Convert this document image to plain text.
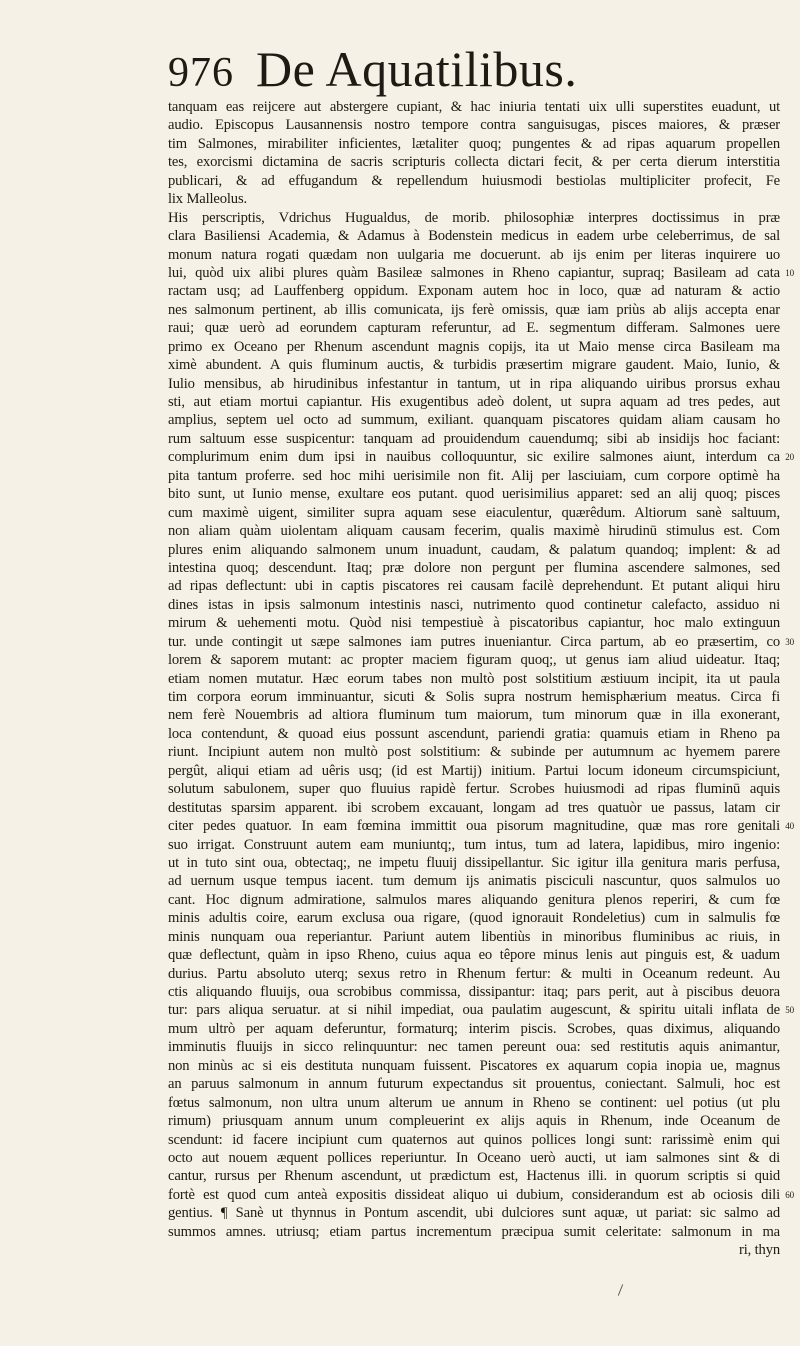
976 De Aquatilibus.
tanquam eas reijcere aut abstergere cupiant, & hac iniuria tentati uix ulli superstites euadunt, ut
audio. Episcopus Lausannensis nostro tempore contra sanguisugas, pisces maiores, & præser
tim Salmones, mirabiliter inficientes, lætaliter quoq; pungentes & ad ripas aquarum propellen
tes, exorcismi dictamina de sacris scripturis collecta dictari fecit, & per certa dierum interstitia
publicari, & ad effugandum & repellendum huiusmodi bestiolas multipliciter profecit, Fe
lix Malleolus.
His perscriptis, Vdrichus Hugualdus, de morib. philosophiæ interpres doctissimus in præ
clara Basiliensi Academia, & Adamus à Bodenstein medicus in eadem urbe celeberrimus, de sal
monum natura rogati quædam non uulgaria me docuerunt. ab ijs enim per literas inquirere uo
lui, quòd uix alibi plures quàm Basileæ salmones in Rheno capiantur, supraq; Basileam ad cata 10
ractam usq; ad Lauffenberg oppidum. Exponam autem hoc in loco, quæ ad naturam & actio
nes salmonum pertinent, ab illis comunicata, ijs ferè omissis, quæ iam priùs ab alijs accepta enar
raui; quæ uerò ad eorundem capturam referuntur, ad E. segmentum differam. Salmones uere
primo ex Oceano per Rhenum ascendunt magnis copijs, ita ut Maio mense circa Basileam ma
ximè abundent. A quis fluminum auctis, & turbidis præsertim migrare gaudent. Maio, Iunio, &
Iulio mensibus, ab hirudinibus infestantur in tantum, ut in ripa aliquando uiribus prorsus exhau
sti, aut etiam mortui capiantur. His exugentibus adeò dolent, ut supra aquam ad tres pedes, aut
amplius, septem uel octo ad summum, exiliant. quanquam piscatores quidam aliam causam ho
rum saltuum esse suspicentur: tanquam ad prouidendum cauendumq; sibi ab insidijs hoc faciant:
complurimum enim dum ipsi in nauibus colloquuntur, sic exilire salmones aiunt, interdum ca 20
pita tantum proferre. sed hoc mihi uerisimile non fit. Alij per lasciuiam, cum corpore optimè ha
bito sunt, ut Iunio mense, exultare eos putant. quod uerisimilius apparet: sed an alij quoq; pisces
cum maximè uigent, similiter supra aquam sese eiaculentur, quærêdum. Altiorum sanè saltuum,
non aliam quàm uiolentam aliquam causam fecerim, qualis maximè hirudinū stimulus est. Com
plures enim aliquando salmonem unum inuadunt, caudam, & palatum quandoq; implent: & ad
intestina quoq; descendunt. Itaq; præ dolore non pergunt per flumina ascendere salmones, sed
ad ripas deflectunt: ubi in captis piscatores rei causam facilè deprehendunt. Et putant aliqui hiru
dines istas in ipsis salmonum intestinis nasci, nutrimento quod continetur calefacto, assiduo ni
mirum & uehementi motu. Quòd nisi tempestiuè à piscatoribus capiantur, hoc malo extinguun
tur. unde contingit ut sæpe salmones iam putres inueniantur. Circa partum, ab eo præsertim, co 30
lorem & saporem mutant: ac propter maciem figuram quoq;, ut genus iam aliud uideatur. Itaq;
etiam nomen mutatur. Hæc eorum tabes non multò post solstitium æstiuum incipit, ita ut paula
tim corpora eorum imminuantur, sicuti & Solis supra nostrum hemisphærium meatus. Circa fi
nem ferè Nouembris ad altiora fluminum tum maiorum, tum minorum quæ in illa exonerant,
loca contendunt, & quoad eius possunt ascendunt, pariendi gratia: quamuis etiam in Rheno pa
riunt. Incipiunt autem non multò post solstitium: & subinde per autumnum ac hyemem parere
pergût, aliqui etiam ad uêris usq; (id est Martij) initium. Partui locum idoneum circumspiciunt,
solutum sabulonem, super quo fluuius rapidè fertur. Scrobes huiusmodi ad ripas fluminū aquis
destitutas sparsim apparent. ibi scrobem excauant, longam ad tres quatuòr ue passus, latam cir
citer pedes quatuor. In eam fœmina immittit oua pisorum magnitudine, quæ mas rore genitali 40
suo irrigat. Construunt autem eam muniuntq;, tum intus, tum ad latera, lapidibus, miro ingenio:
ut in tuto sint oua, obtectaq;, ne impetu fluuij dissipellantur. Sic igitur illa genitura maris perfusa,
ad uernum usque tempus iacent. tum demum ijs animatis pisciculi nascuntur, quos salmulos uo
cant. Hoc dignum admiratione, salmulos mares aliquando genitura plenos reperiri, & cum fœ
minis adultis coire, earum exclusa oua rigare, (quod ignorauit Rondeletius) cum in salmulis fœ
minis nunquam oua reperiantur. Pariunt autem libentiùs in minoribus fluminibus ac riuis, in
quæ deflectunt, quàm in ipso Rheno, cuius aqua eo têpore minus lenis aut pinguis est, & uadum
durius. Partu absoluto uterq; sexus retro in Rhenum fertur: & multi in Oceanum redeunt. Au
ctis aliquando fluuijs, oua scrobibus commissa, dissipantur: itaq; pars perit, aut à piscibus deuora
tur: pars aliqua seruatur. at si nihil impediat, oua paulatim augescunt, & spiritu uitali inflata de 50
mum ultrò per aquam deferuntur, formaturq; interim piscis. Scrobes, quas diximus, aliquando
imminutis fluuijs in sicco relinquuntur: nec tamen pereunt oua: sed restitutis aquis animantur,
non minùs ac si eis destituta nunquam fuissent. Piscatores ex aquarum copia inopia ue, magnus
an paruus salmonum in annum futurum expectandus sit prouentus, coniectant. Salmuli, hoc est
fœtus salmonum, non ultra unum alterum ue annum in Rheno se continent: uel potius (ut plu
rimum) priusquam annum unum compleuerint ex alijs aquis in Rhenum, inde Oceanum de
scendunt: id facere incipiunt cum quaternos aut quinos pollices longi sunt: rarissimè enim qui
octo aut nouem æquent pollices reperiuntur. In Oceano uerò aucti, ut iam salmones sint & di
cantur, rursus per Rhenum ascendunt, ut prædictum est, Hactenus illi. in quorum scriptis si quid
fortè est quod cum anteà expositis dissideat aliquo ui dubium, considerandum est ab ociosis dili 60
gentius. ¶ Sanè ut thynnus in Pontum ascendit, ubi dulciores sunt aquæ, ut pariat: sic salmo ad
summos amnes. utriusq; etiam partus incrementum præcipua sumit celeritate: salmonum in ma
ri, thyn
